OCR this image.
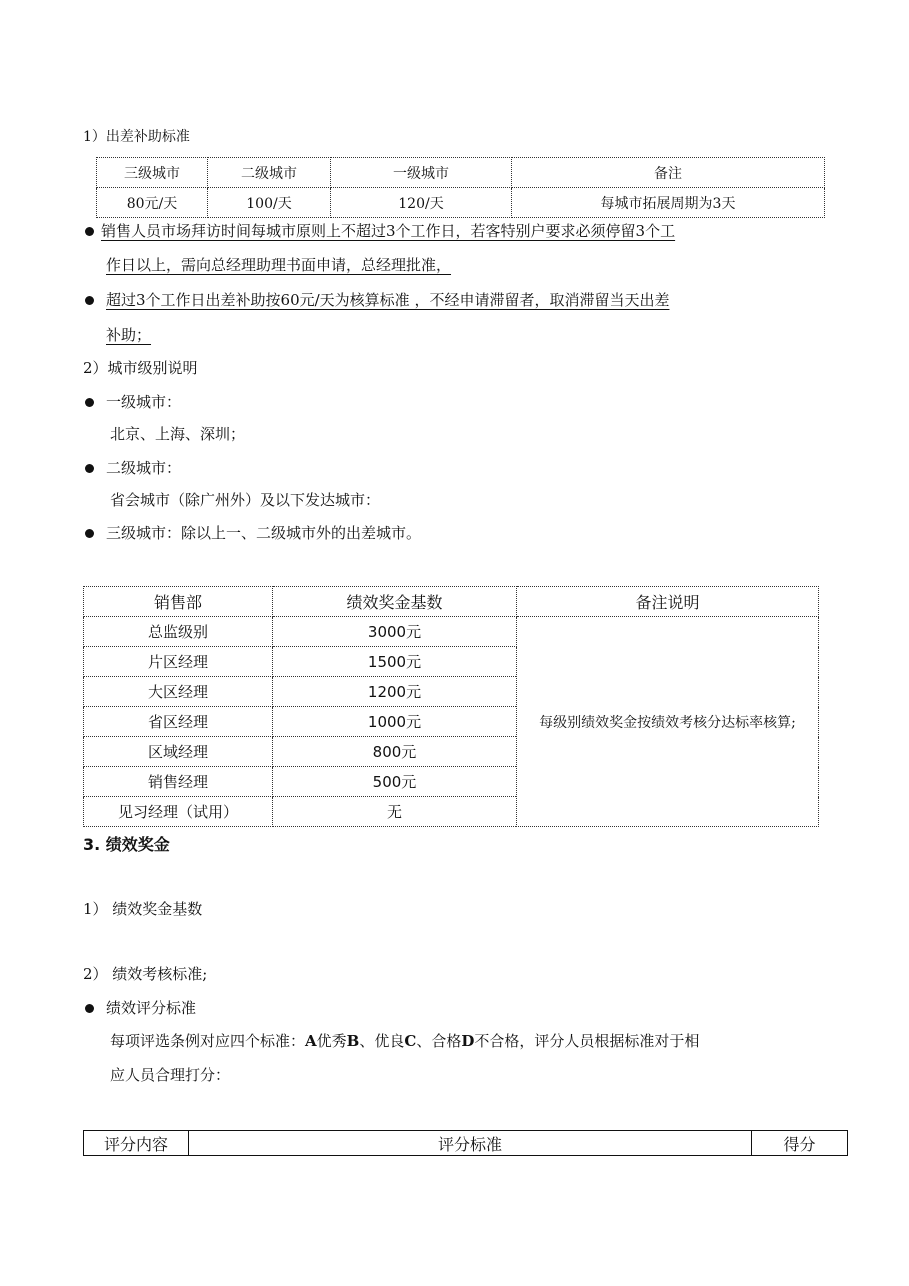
1）出差补助标准
三级城市	二级城市	一级城市	备注
80元/天	100/天	120/天	每城市拓展周期为3天
销售人员市场拜访时间每城市原则上不超过3个工作日，若客特别户要求必须停留3个工
作日以上，需向总经理助理书面申请，总经理批准，
超过3个工作日出差补助按60元/天为核算标准 ，不经申请滞留者，取消滞留当天出差
补助；
2）城市级别说明
一级城市：
北京、上海、深圳；
二级城市：
省会城市（除广州外）及以下发达城市：
三级城市：除以上一、二级城市外的出差城市。
销售部	绩效奖金基数	备注说明
总监级别	3000元	每级别绩效奖金按绩效考核分达标率核算;
片区经理	1500元	
大区经理	1200元	
省区经理	1000元	
区域经理	800元	
销售经理	500元	
见习经理（试用）	无	
3. 绩效奖金
1） 绩效奖金基数
2） 绩效考核标准;
绩效评分标准
每项评选条例对应四个标准：A优秀B、优良C、合格D不合格，评分人员根据标准对于相
应人员合理打分：
评分内容	评分标准	得分
